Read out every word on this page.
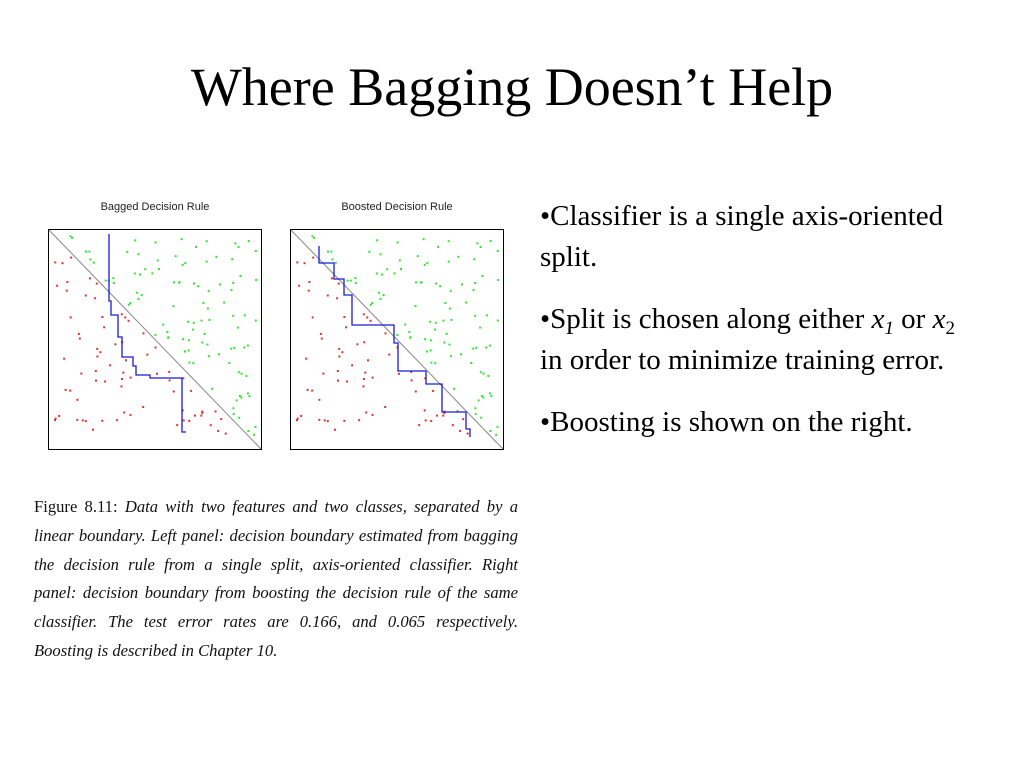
Where Bagging Doesn’t Help
Bagged Decision Rule	Boosted Decision Rule
Figure 8.11: Data with two features and two classes, separated by a linear boundary. Left panel: decision boundary estimated from bagging the decision rule from a single split, axis-oriented classifier. Right panel: decision boundary from boosting the decision rule of the same classifier. The test error rates are 0.166, and 0.065 respectively. Boosting is described in Chapter 10.
•Classifier is a single axis-oriented split.
•Split is chosen along either $x_1$ or $x_2$ in order to minimize training error.
•Boosting is shown on the right.
